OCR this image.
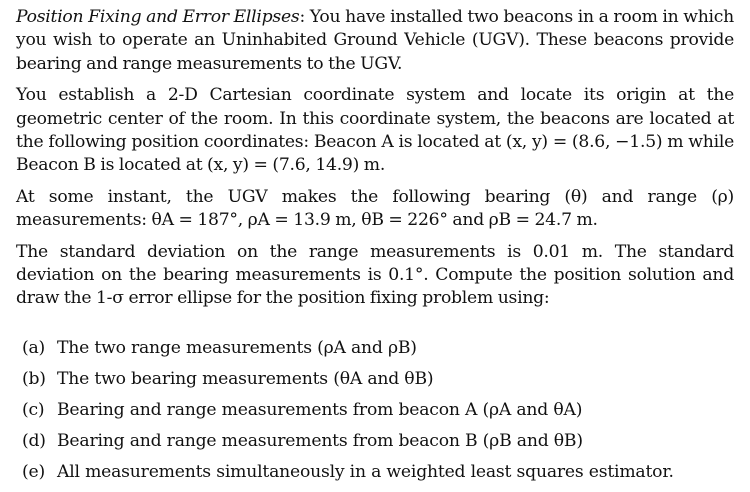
Position Fixing and Error Ellipses: You have installed two beacons in a room in which you wish to operate an Uninhabited Ground Vehicle (UGV). These beacons provide bearing and range measurements to the UGV.

You establish a 2-D Cartesian coordinate system and locate its origin at the geometric center of the room. In this coordinate system, the beacons are located at the following position coordinates: Beacon A is located at (x, y) = (8.6, −1.5) m while Beacon B is located at (x, y) = (7.6, 14.9) m.

At some instant, the UGV makes the following bearing (θ) and range (ρ) measurements: θA = 187°, ρA = 13.9 m, θB = 226° and ρB = 24.7 m.

The standard deviation on the range measurements is 0.01 m. The standard deviation on the bearing measurements is 0.1°. Compute the position solution and draw the 1-σ error ellipse for the position fixing problem using:

(a) The two range measurements (ρA and ρB)
(b) The two bearing measurements (θA and θB)
(c) Bearing and range measurements from beacon A (ρA and θA)
(d) Bearing and range measurements from beacon B (ρB and θB)
(e) All measurements simultaneously in a weighted least squares estimator.
